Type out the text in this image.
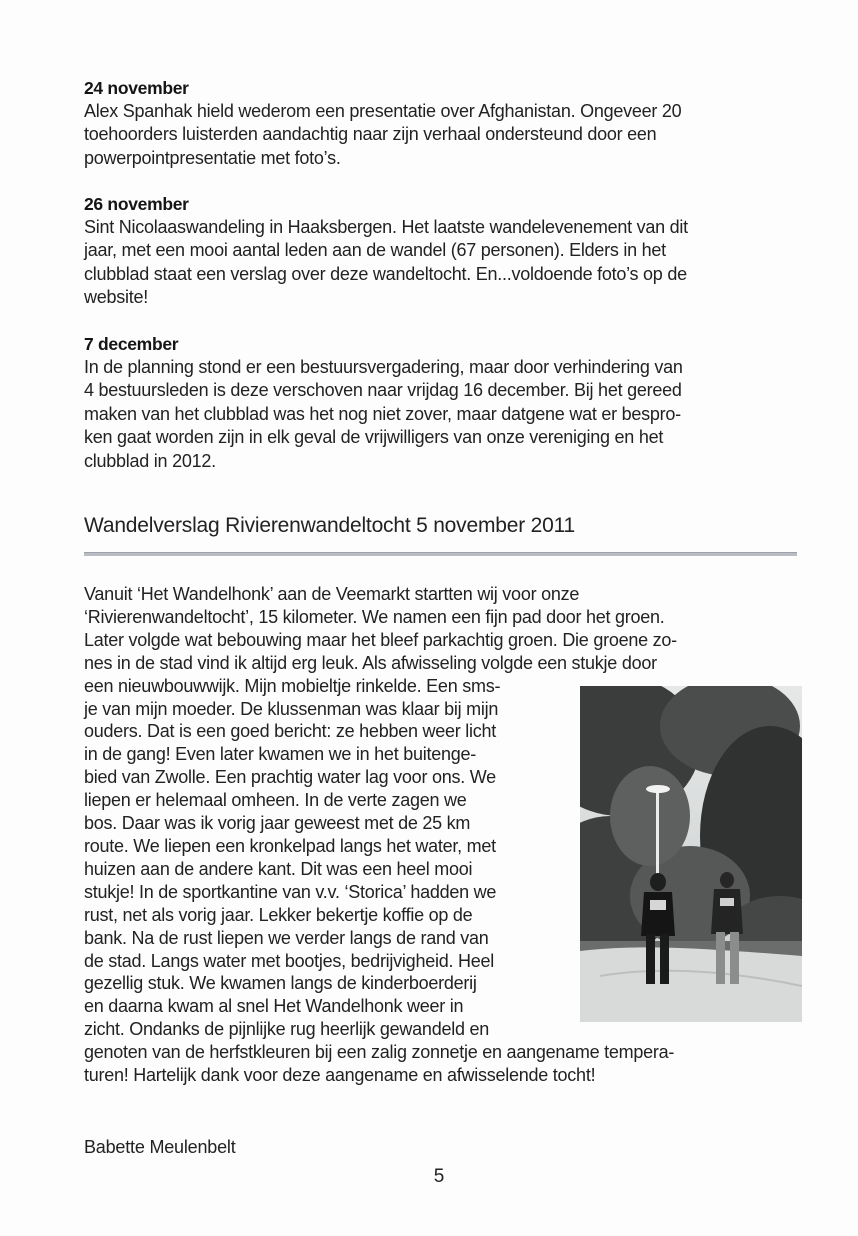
24 november
Alex Spanhak hield wederom een presentatie over Afghanistan. Ongeveer 20
toehoorders luisterden aandachtig naar zijn verhaal ondersteund door een
powerpointpresentatie met foto’s.
26 november
Sint Nicolaaswandeling in Haaksbergen. Het laatste wandelevenement van dit
jaar, met een mooi aantal leden aan de wandel (67 personen). Elders in het
clubblad staat een verslag over deze wandeltocht. En...voldoende foto’s op de
website!
7 december
In de planning stond er een bestuursvergadering, maar door verhindering van
4 bestuursleden is deze verschoven naar vrijdag 16 december. Bij het gereed
maken van het clubblad was het nog niet zover, maar datgene wat er bespro-
ken gaat worden zijn in elk geval de vrijwilligers van onze vereniging en het
clubblad in 2012.
Wandelverslag Rivierenwandeltocht 5 november 2011
Vanuit ‘Het Wandelhonk’ aan de Veemarkt startten wij voor onze
‘Rivierenwandeltocht’, 15 kilometer. We namen een fijn pad door het groen.
Later volgde wat bebouwing maar het bleef parkachtig groen. Die groene zo-
nes in de stad vind ik altijd erg leuk. Als afwisseling volgde een stukje door
een nieuwbouwwijk. Mijn mobieltje rinkelde. Een sms-
je van mijn moeder. De klussenman was klaar bij mijn
ouders. Dat is een goed bericht: ze hebben weer licht
in de gang! Even later kwamen we in het buitenge-
bied van Zwolle. Een prachtig water lag voor ons. We
liepen er helemaal omheen. In de verte zagen we
bos. Daar was ik vorig jaar geweest met de 25 km
route. We liepen een kronkelpad langs het water, met
huizen aan de andere kant. Dit was een heel mooi
stukje! In de sportkantine van v.v. ‘Storica’ hadden we
rust, net als vorig jaar. Lekker bekertje koffie op de
bank. Na de rust liepen we verder langs de rand van
de stad. Langs water met bootjes, bedrijvigheid. Heel
gezellig stuk. We kwamen langs de kinderboerderij
en daarna kwam al snel Het Wandelhonk weer in
zicht. Ondanks de pijnlijke rug heerlijk gewandeld en
genoten van de herfstkleuren bij een zalig zonnetje en aangename tempera-
turen! Hartelijk dank voor deze aangename en afwisselende tocht!
Babette Meulenbelt
5
